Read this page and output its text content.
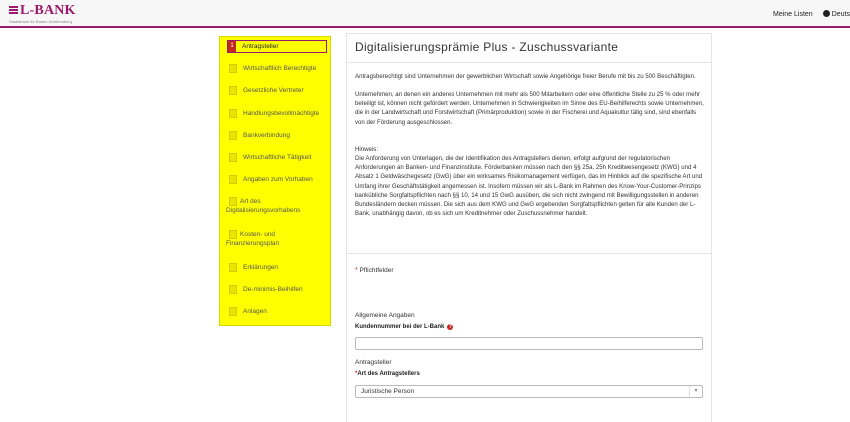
L-BANK
Staatsbank für Baden-Württemberg
Meine Listen	Deuts
1	Antragsteller
Wirtschaftlich Berechtigte
Gesetzliche Vertreter
Handlungsbevollmächtigte
Bankverbindung
Wirtschaftliche Tätigkeit
Angaben zum Vorhaben
Art des Digitalisierungsvorhabens
Kosten- und Finanzierungsplan
Erklärungen
De-minimis-Beihilfen
Anlagen
Digitalisierungsprämie Plus - Zuschussvariante
Antragsberechtigt sind Unternehmen der gewerblichen Wirtschaft sowie Angehörige freier Berufe mit bis zu 500 Beschäftigten.
Unternehmen, an denen ein anderes Unternehmen mit mehr als 500 Mitarbeitern oder eine öffentliche Stelle zu 25 % oder mehr beteiligt ist, können nicht gefördert werden. Unternehmen in Schwierigkeiten im Sinne des EU-Beihilferechts sowie Unternehmen, die in der Landwirtschaft und Forstwirtschaft (Primärproduktion) sowie in der Fischerei und Aquakultur tätig sind, sind ebenfalls von der Förderung ausgeschlossen.
Hinweis:
Die Anforderung von Unterlagen, die der Identifikation des Antragstellers dienen, erfolgt aufgrund der regulatorischen Anforderungen an Banken- und Finanzinstitute. Förderbanken müssen nach den §§ 25a, 25h Kreditwesengesetz (KWG) und 4 Absatz 1 Geldwäschegesetz (GwG) über ein wirksames Risikomanagement verfügen, das im Hinblick auf die spezifische Art und Umfang ihrer Geschäftstätigkeit angemessen ist. Insofern müssen wir als L-Bank im Rahmen des Know-Your-Customer-Prinzips bankübliche Sorgfaltspflichten nach §§ 10, 14 und 15 GwG ausüben, die sich nicht zwingend mit Bewilligungsstellen in anderen Bundesländern decken müssen. Die sich aus dem KWG und GwG ergebenden Sorgfaltspflichten gelten für alle Kunden der L-Bank, unabhängig davon, ob es sich um Kreditnehmer oder Zuschussnehmer handelt.
* Pflichtfelder
Allgemeine Angaben
Kundennummer bei der L-Bank ?
Antragsteller
*Art des Antragstellers
Juristische Person	▾
